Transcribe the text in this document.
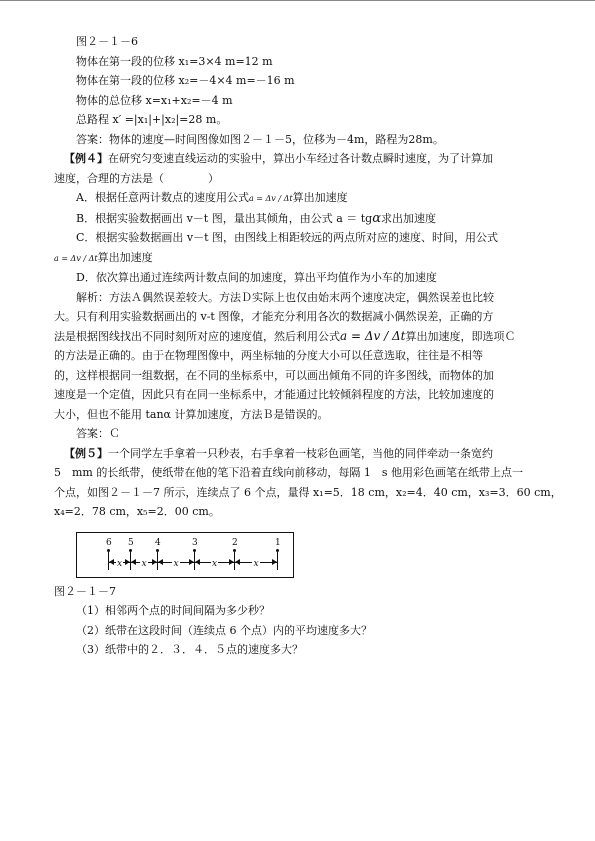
图２－１－6
物体在第一段的位移 x₁=3×4 m=12 m
物体在第一段的位移 x₂=－4×4 m=－16 m
物体的总位移 x=x₁+x₂=－4 m
总路程 x′ =|x₁|+|x₂|=28 m。
答案：物体的速度—时间图像如图２－１－5，位移为－4m，路程为28m。
【例４】在研究匀变速直线运动的实验中，算出小车经过各计数点瞬时速度，为了计算加
速度，合理的方法是（　　　　）
A．根据任意两计数点的速度用公式a = Δv / Δt算出加速度
B．根据实验数据画出 v－t 图，量出其倾角，由公式 a ＝ tgα求出加速度
C．根据实验数据画出 v－t 图，由图线上相距较远的两点所对应的速度、时间，用公式
a = Δv / Δt算出加速度
D．依次算出通过连续两计数点间的加速度，算出平均值作为小车的加速度
解析：方法Ａ偶然误差较大。方法Ｄ实际上也仅由始末两个速度决定，偶然误差也比较
大。只有利用实验数据画出的 v-t 图像，才能充分利用各次的数据减小偶然误差，正确的方
法是根据图线找出不同时刻所对应的速度值，然后利用公式a = Δv / Δt算出加速度，即选项Ｃ
的方法是正确的。由于在物理图像中，两坐标轴的分度大小可以任意选取，往往是不相等
的，这样根据同一组数据，在不同的坐标系中，可以画出倾角不同的许多图线，而物体的加
速度是一个定值，因此只有在同一坐标系中，才能通过比较倾斜程度的方法，比较加速度的
大小，但也不能用 tanα 计算加速度，方法Ｂ是错误的。
答案：Ｃ
【例５】一个同学左手拿着一只秒表，右手拿着一枝彩色画笔，当他的同伴牵动一条宽约
5　mm 的长纸带，使纸带在他的笔下沿着直线向前移动，每隔 1　s 他用彩色画笔在纸带上点一
个点，如图２－１－7 所示，连续点了 6 个点，量得 x₁=5．18 cm，x₂=4．40 cm，x₃=3．60 cm，
x₄=2．78 cm，x₅=2．00 cm。
6 5 4	3	2	1
x	x	x	x	x
图２－１－7
（1）相邻两个点的时间间隔为多少秒？
（2）纸带在这段时间（连续点 6 个点）内的平均速度多大？
（3）纸带中的２．３．４．５点的速度多大？
